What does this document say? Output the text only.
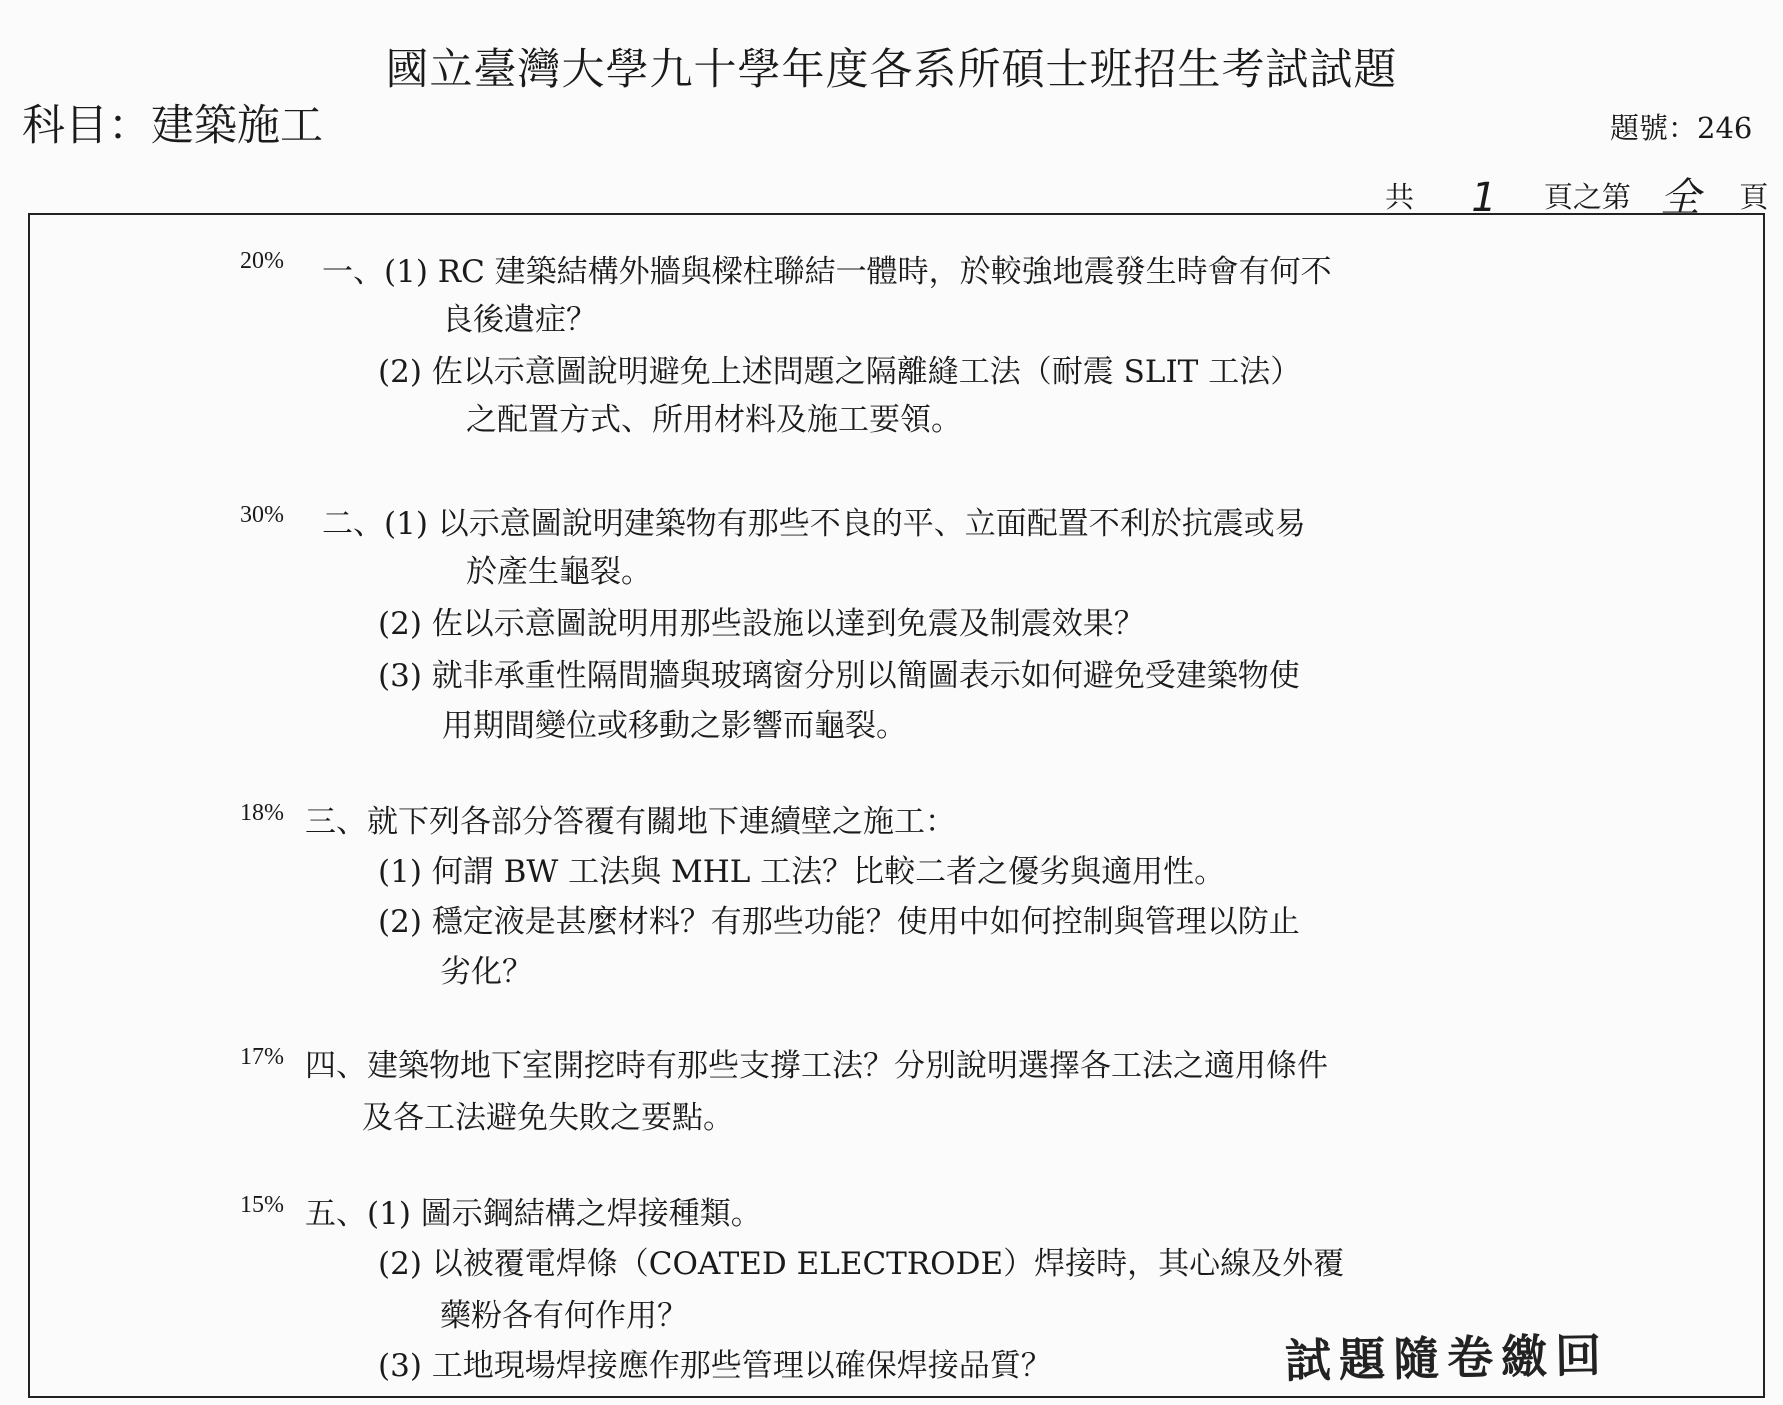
國立臺灣大學九十學年度各系所碩士班招生考試試題
科目：建築施工	題號：246
共 1 頁之第 全 頁
20% 一、(1) RC 建築結構外牆與樑柱聯結一體時，於較強地震發生時會有何不
良後遺症？
(2) 佐以示意圖說明避免上述問題之隔離縫工法（耐震 SLIT 工法）
之配置方式、所用材料及施工要領。
30% 二、(1) 以示意圖說明建築物有那些不良的平、立面配置不利於抗震或易
於產生龜裂。
(2) 佐以示意圖說明用那些設施以達到免震及制震效果？
(3) 就非承重性隔間牆與玻璃窗分別以簡圖表示如何避免受建築物使
用期間變位或移動之影響而龜裂。
18% 三、就下列各部分答覆有關地下連續壁之施工：
(1) 何謂 BW 工法與 MHL 工法？比較二者之優劣與適用性。
(2) 穩定液是甚麼材料？有那些功能？使用中如何控制與管理以防止
劣化？
17% 四、建築物地下室開挖時有那些支撐工法？分別說明選擇各工法之適用條件
及各工法避免失敗之要點。
15% 五、(1) 圖示鋼結構之焊接種類。
(2) 以被覆電焊條（COATED ELECTRODE）焊接時，其心線及外覆
藥粉各有何作用？
(3) 工地現場焊接應作那些管理以確保焊接品質？	試題隨卷繳回
